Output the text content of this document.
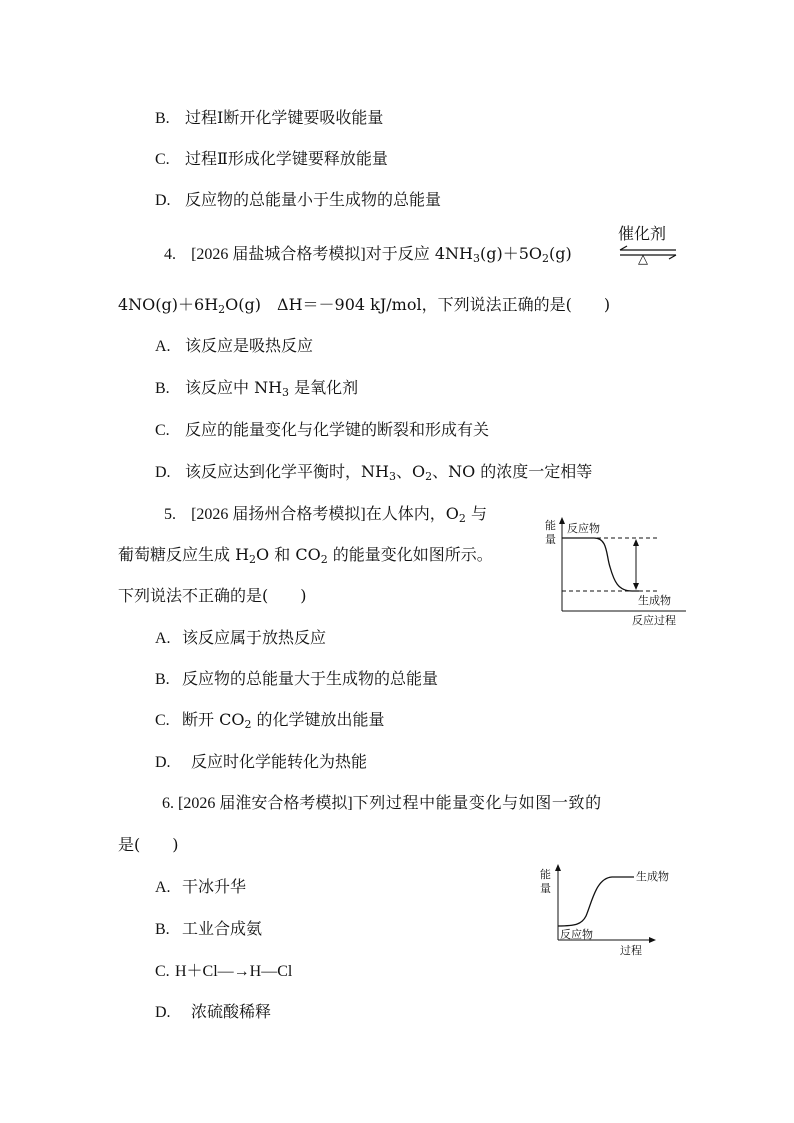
B. 过程Ⅰ断开化学键要吸收能量
C. 过程Ⅱ形成化学键要释放能量
D. 反应物的总能量小于生成物的总能量
4. [2026 届盐城合格考模拟]对于反应 $4NH_3(g)+5O_2(g)$
催化剂
△
$4NO(g)+6H_2O(g)$　ΔH＝－904 kJ/mol，下列说法正确的是(　　)
A. 该反应是吸热反应
B. 该反应中 $NH_3$ 是氧化剂
C. 反应的能量变化与化学键的断裂和形成有关
D. 该反应达到化学平衡时，$NH_3$、$O_2$、NO 的浓度一定相等
5. [2026 届扬州合格考模拟]在人体内，$O_2$ 与
葡萄糖反应生成 $H_2O$ 和 $CO_2$ 的能量变化如图所示。
下列说法不正确的是(　　)
能
量
反应物
生成物
反应过程
A. 该反应属于放热反应
B. 反应物的总能量大于生成物的总能量
C. 断开 $CO_2$ 的化学键放出能量
D. 反应时化学能转化为热能
6. [2026 届淮安合格考模拟]下列过程中能量变化与如图一致的
是(　　)
能
量
生成物
反应物
过程
A. 干冰升华
B. 工业合成氨
C. H＋Cl―→H—Cl
D. 浓硫酸稀释
